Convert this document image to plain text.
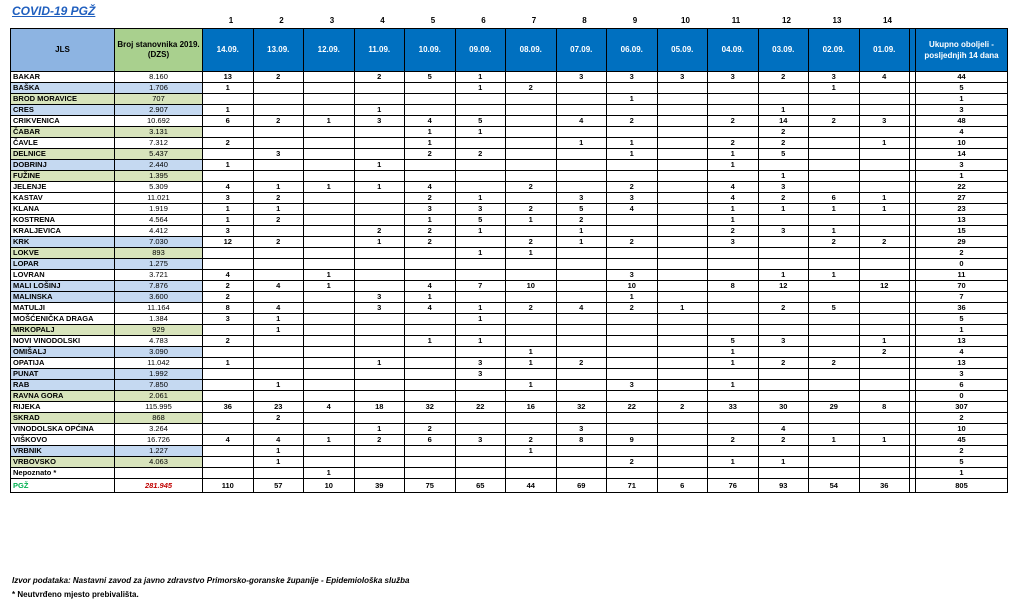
COVID-19 PGŽ
1	2	3	4	5	6	7	8	9	10	11	12	13	14
JLS	Broj stanovnika 2019. (DZS)	14.09.	13.09.	12.09.	11.09.	10.09.	09.09.	08.09.	07.09.	06.09.	05.09.	04.09.	03.09.	02.09.	01.09.		Ukupno oboljeli - posljednjih 14 dana
BAKAR	8.160	13	2		2	5	1		3	3	3	3	2	3	4		44
BAŠKA	1.706	1					1	2						1			5
BROD MORAVICE	707									1							1
CRES	2.907	1			1								1				3
CRIKVENICA	10.692	6	2	1	3	4	5		4	2		2	14	2	3		48
ČABAR	3.131					1	1						2				4
ČAVLE	7.312	2				1			1	1		2	2		1		10
DELNICE	5.437		3			2	2			1		1	5				14
DOBRINJ	2.440	1			1							1					3
FUŽINE	1.395												1				1
JELENJE	5.309	4	1	1	1	4		2		2		4	3				22
KASTAV	11.021	3	2			2	1		3	3		4	2	6	1		27
KLANA	1.919	1	1			3	3	2	5	4		1	1	1	1		23
KOSTRENA	4.564	1	2			1	5	1	2			1					13
KRALJEVICA	4.412	3			2	2	1		1			2	3	1			15
KRK	7.030	12	2		1	2		2	1	2		3		2	2		29
LOKVE	893						1	1									2
LOPAR	1.275																0
LOVRAN	3.721	4		1						3			1	1			11
MALI LOŠINJ	7.876	2	4	1		4	7	10		10		8	12		12		70
MALINSKA	3.600	2			3	1				1							7
MATULJI	11.164	8	4		3	4	1	2	4	2	1		2	5			36
MOŠĆENIČKA DRAGA	1.384	3	1				1										5
MRKOPALJ	929		1														1
NOVI VINODOLSKI	4.783	2				1	1					5	3		1		13
OMIŠALJ	3.090							1				1			2		4
OPATIJA	11.042	1			1		3	1	2			1	2	2			13
PUNAT	1.992						3										3
RAB	7.850		1					1		3		1					6
RAVNA GORA	2.061																0
RIJEKA	115.995	36	23	4	18	32	22	16	32	22	2	33	30	29	8		307
SKRAD	868		2														2
VINODOLSKA OPĆINA	3.264				1	2			3				4				10
VIŠKOVO	16.726	4	4	1	2	6	3	2	8	9		2	2	1	1		45
VRBNIK	1.227		1					1									2
VRBOVSKO	4.063		1							2		1	1				5
Nepoznato *				1													1
PGŽ	281.945	110	57	10	39	75	65	44	69	71	6	76	93	54	36		805
Izvor podataka: Nastavni zavod za javno zdravstvo Primorsko-goranske županije - Epidemiološka služba
* Neutvrđeno mjesto prebivališta.
